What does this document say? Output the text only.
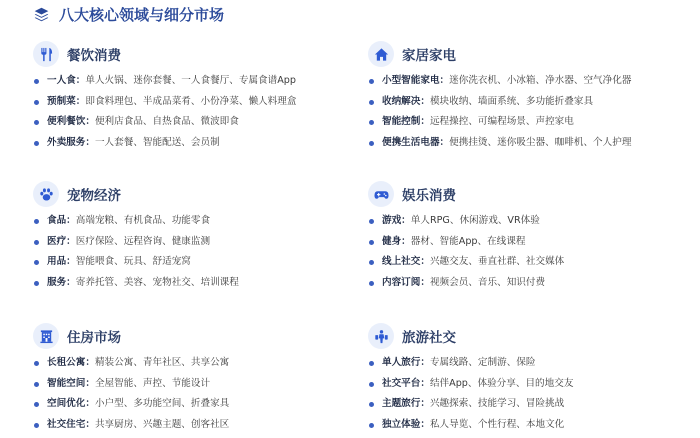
八大核心领域与细分市场
餐饮消费
一人食：单人火锅、迷你套餐、一人食餐厅、专属食谱App
预制菜：即食料理包、半成品菜肴、小份净菜、懒人料理盒
便利餐饮：便利店食品、自热食品、微波即食
外卖服务：一人套餐、智能配送、会员制
家居家电
小型智能家电：迷你洗衣机、小冰箱、净水器、空气净化器
收纳解决：模块收纳、墙面系统、多功能折叠家具
智能控制：远程操控、可编程场景、声控家电
便携生活电器：便携挂烫、迷你吸尘器、咖啡机、个人护理
宠物经济
食品：高端宠粮、有机食品、功能零食
医疗：医疗保险、远程咨询、健康监测
用品：智能喂食、玩具、舒适宠窝
服务：寄养托管、美容、宠物社交、培训课程
娱乐消费
游戏：单人RPG、休闲游戏、VR体验
健身：器材、智能App、在线课程
线上社交：兴趣交友、垂直社群、社交媒体
内容订阅：视频会员、音乐、知识付费
住房市场
长租公寓：精装公寓、青年社区、共享公寓
智能空间：全屋智能、声控、节能设计
空间优化：小户型、多功能空间、折叠家具
社交住宅：共享厨房、兴趣主题、创客社区
旅游社交
单人旅行：专属线路、定制游、保险
社交平台：结伴App、体验分享、目的地交友
主题旅行：兴趣探索、技能学习、冒险挑战
独立体验：私人导览、个性行程、本地文化
